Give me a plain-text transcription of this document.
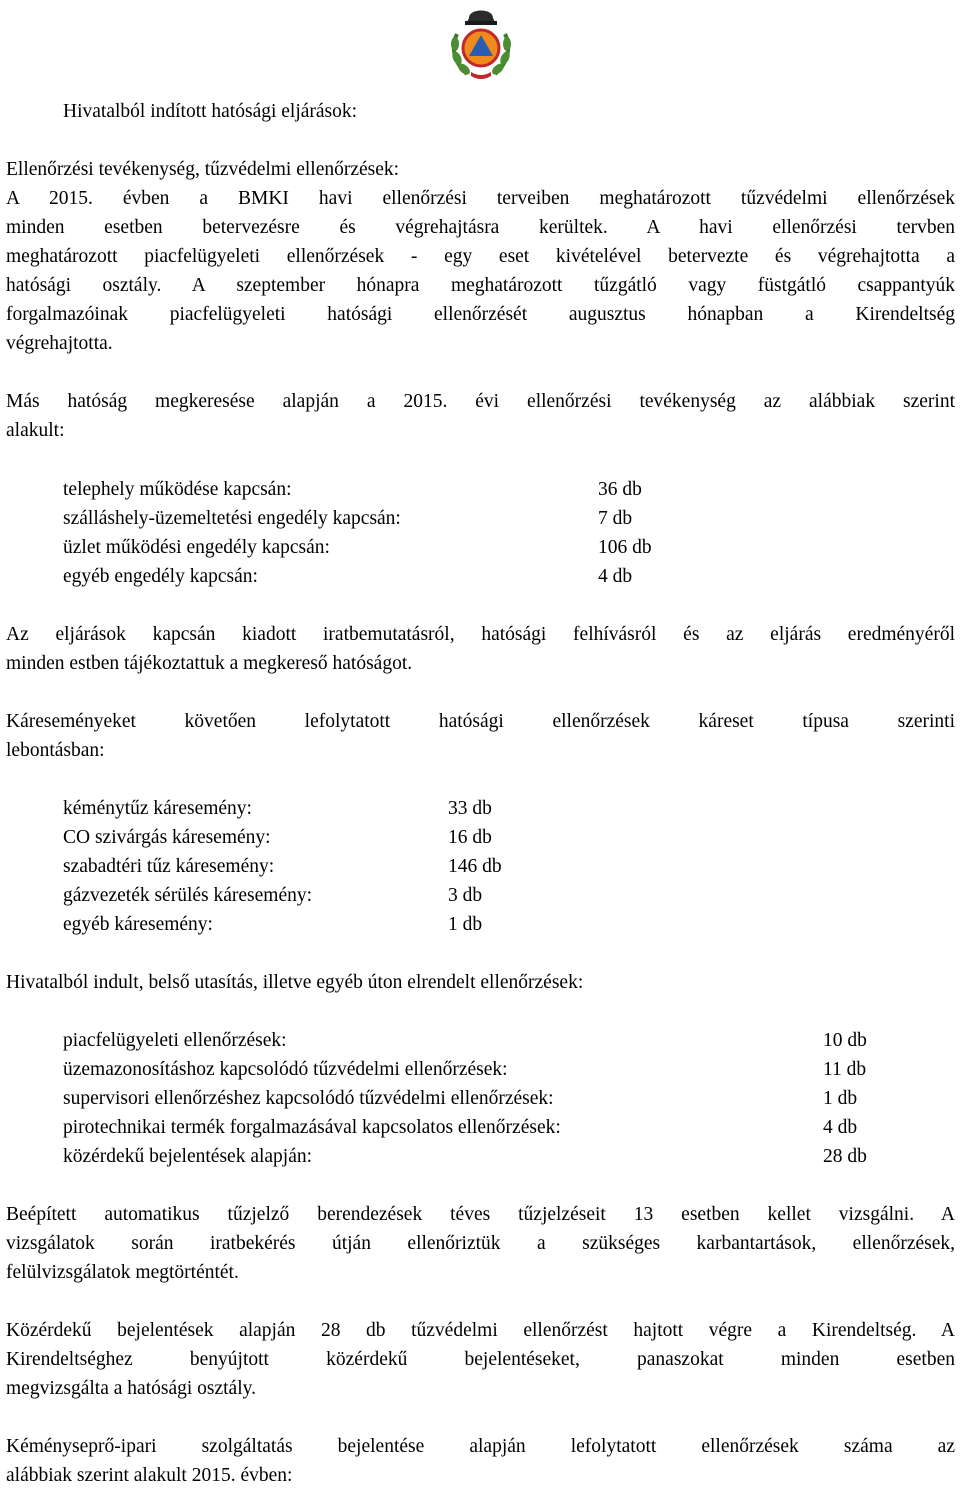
Hivatalból indított hatósági eljárások:
Ellenőrzési tevékenység, tűzvédelmi ellenőrzések:
A 2015. évben a BMKI havi ellenőrzési terveiben meghatározott tűzvédelmi ellenőrzések
minden esetben betervezésre és végrehajtásra kerültek. A havi ellenőrzési tervben
meghatározott piacfelügyeleti ellenőrzések - egy eset kivételével betervezte és végrehajtotta a
hatósági osztály. A szeptember hónapra meghatározott tűzgátló vagy füstgátló csappantyúk
forgalmazóinak piacfelügyeleti hatósági ellenőrzését augusztus hónapban a Kirendeltség
végrehajtotta.
Más hatóság megkeresése alapján a 2015. évi ellenőrzési tevékenység az alábbiak szerint
alakult:
telephely működése kapcsán:	36 db
szálláshely-üzemeltetési engedély kapcsán:	7 db
üzlet működési engedély kapcsán:	106 db
egyéb engedély kapcsán:	4 db
Az eljárások kapcsán kiadott iratbemutatásról, hatósági felhívásról és az eljárás eredményéről
minden estben tájékoztattuk a megkereső hatóságot.
Káreseményeket követően lefolytatott hatósági ellenőrzések káreset típusa szerinti
lebontásban:
kéménytűz káresemény:	33 db
CO szivárgás káresemény:	16 db
szabadtéri tűz káresemény:	146 db
gázvezeték sérülés káresemény:	3 db
egyéb káresemény:	1 db
Hivatalból indult, belső utasítás, illetve egyéb úton elrendelt ellenőrzések:
piacfelügyeleti ellenőrzések:	10 db
üzemazonosításhoz kapcsolódó tűzvédelmi ellenőrzések:	11 db
supervisori ellenőrzéshez kapcsolódó tűzvédelmi ellenőrzések:	1 db
pirotechnikai termék forgalmazásával kapcsolatos ellenőrzések:	4 db
közérdekű bejelentések alapján:	28 db
Beépített automatikus tűzjelző berendezések téves tűzjelzéseit 13 esetben kellet vizsgálni. A
vizsgálatok során iratbekérés útján ellenőriztük a szükséges karbantartások, ellenőrzések,
felülvizsgálatok megtörténtét.
Közérdekű bejelentések alapján 28 db tűzvédelmi ellenőrzést hajtott végre a Kirendeltség. A
Kirendeltséghez benyújtott közérdekű bejelentéseket, panaszokat minden esetben
megvizsgálta a hatósági osztály.
Kéményseprő-ipari szolgáltatás bejelentése alapján lefolytatott ellenőrzések száma az
alábbiak szerint alakult 2015. évben:
